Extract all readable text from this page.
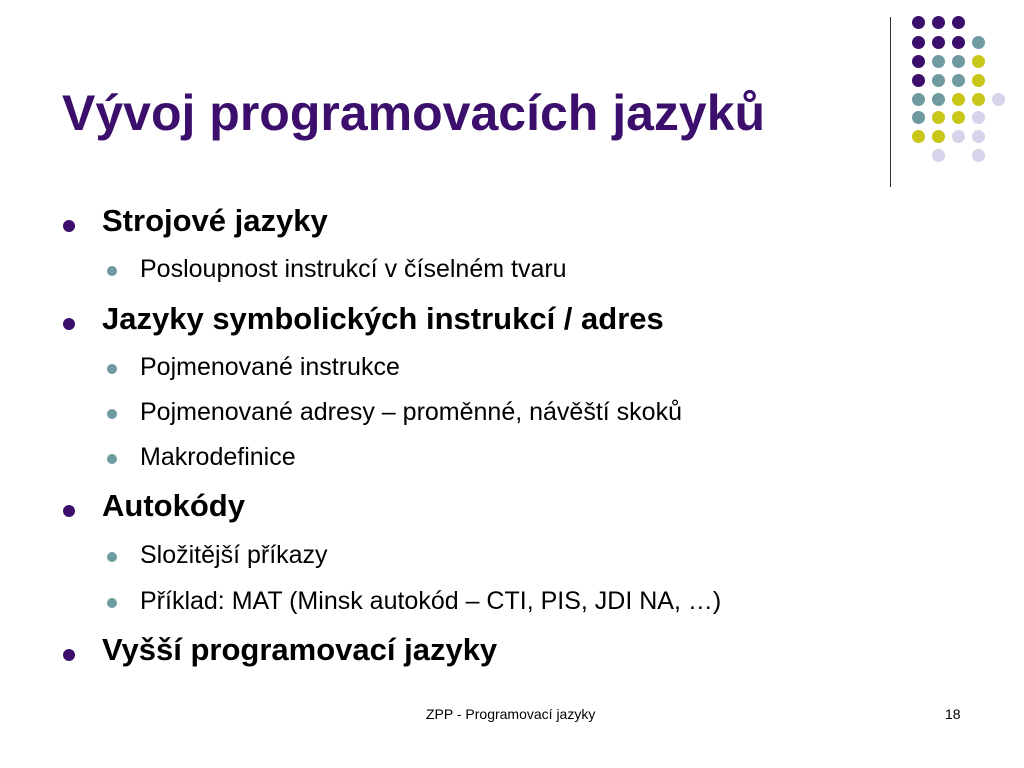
Vývoj programovacích jazyků
Strojové jazyky
Posloupnost instrukcí v číselném tvaru
Jazyky symbolických instrukcí / adres
Pojmenované instrukce
Pojmenované adresy – proměnné, návěští skoků
Makrodefinice
Autokódy
Složitější příkazy
Příklad: MAT (Minsk autokód – CTI, PIS, JDI NA, …)
Vyšší programovací jazyky
ZPP - Programovací jazyky	18
